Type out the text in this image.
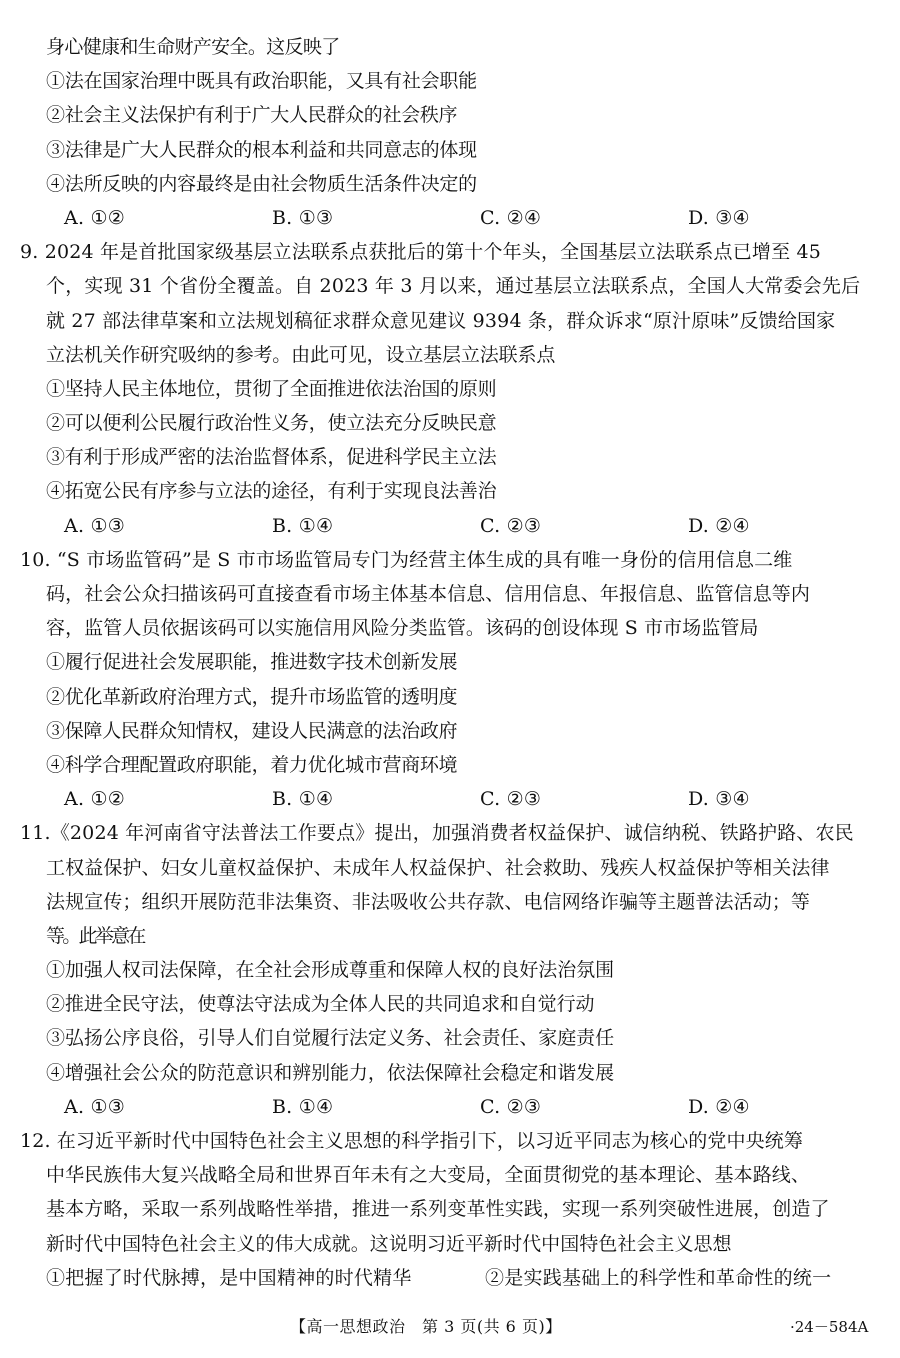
身心健康和生命财产安全。这反映了
①法在国家治理中既具有政治职能，又具有社会职能
②社会主义法保护有利于广大人民群众的社会秩序
③法律是广大人民群众的根本利益和共同意志的体现
④法所反映的内容最终是由社会物质生活条件决定的
A. ①②	B. ①③	C. ②④	D. ③④
9. 2024 年是首批国家级基层立法联系点获批后的第十个年头，全国基层立法联系点已增至 45
个，实现 31 个省份全覆盖。自 2023 年 3 月以来，通过基层立法联系点，全国人大常委会先后
就 27 部法律草案和立法规划稿征求群众意见建议 9394 条，群众诉求“原汁原味”反馈给国家
立法机关作研究吸纳的参考。由此可见，设立基层立法联系点
①坚持人民主体地位，贯彻了全面推进依法治国的原则
②可以便利公民履行政治性义务，使立法充分反映民意
③有利于形成严密的法治监督体系，促进科学民主立法
④拓宽公民有序参与立法的途径，有利于实现良法善治
A. ①③	B. ①④	C. ②③	D. ②④
10. “S 市场监管码”是 S 市市场监管局专门为经营主体生成的具有唯一身份的信用信息二维
码，社会公众扫描该码可直接查看市场主体基本信息、信用信息、年报信息、监管信息等内
容，监管人员依据该码可以实施信用风险分类监管。该码的创设体现 S 市市场监管局
①履行促进社会发展职能，推进数字技术创新发展
②优化革新政府治理方式，提升市场监管的透明度
③保障人民群众知情权，建设人民满意的法治政府
④科学合理配置政府职能，着力优化城市营商环境
A. ①②	B. ①④	C. ②③	D. ③④
11.《2024 年河南省守法普法工作要点》提出，加强消费者权益保护、诚信纳税、铁路护路、农民
工权益保护、妇女儿童权益保护、未成年人权益保护、社会救助、残疾人权益保护等相关法律
法规宣传；组织开展防范非法集资、非法吸收公共存款、电信网络诈骗等主题普法活动；等
等。此举意在
①加强人权司法保障，在全社会形成尊重和保障人权的良好法治氛围
②推进全民守法，使尊法守法成为全体人民的共同追求和自觉行动
③弘扬公序良俗，引导人们自觉履行法定义务、社会责任、家庭责任
④增强社会公众的防范意识和辨别能力，依法保障社会稳定和谐发展
A. ①③	B. ①④	C. ②③	D. ②④
12. 在习近平新时代中国特色社会主义思想的科学指引下，以习近平同志为核心的党中央统筹
中华民族伟大复兴战略全局和世界百年未有之大变局，全面贯彻党的基本理论、基本路线、
基本方略，采取一系列战略性举措，推进一系列变革性实践，实现一系列突破性进展，创造了
新时代中国特色社会主义的伟大成就。这说明习近平新时代中国特色社会主义思想
①把握了时代脉搏，是中国精神的时代精华	②是实践基础上的科学性和革命性的统一
【高一思想政治　第 3 页(共 6 页)】	·24－584A
